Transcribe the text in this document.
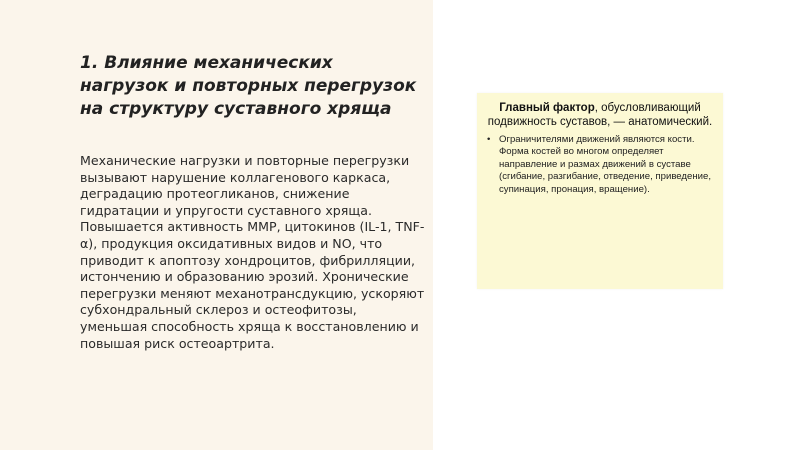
1. Влияние механических нагрузок и повторных перегрузок на структуру суставного хряща

Механические нагрузки и повторные перегрузки вызывают нарушение коллагенового каркаса, деградацию протеогликанов, снижение гидратации и упругости суставного хряща. Повышается активность MMP, цитокинов (IL-1, TNF-α), продукция оксидативных видов и NO, что приводит к апоптозу хондроцитов, фибрилляции, истончению и образованию эрозий. Хронические перегрузки меняют механотрансдукцию, ускоряют субхондральный склероз и остеофитозы, уменьшая способность хряща к восстановлению и повышая риск остеоартрита.

Главный фактор, обусловливающий подвижность суставов, — анатомический.

• Ограничителями движений являются кости. Форма костей во многом определяет направление и размах движений в суставе (сгибание, разгибание, отведение, приведение, супинация, пронация, вращение).
